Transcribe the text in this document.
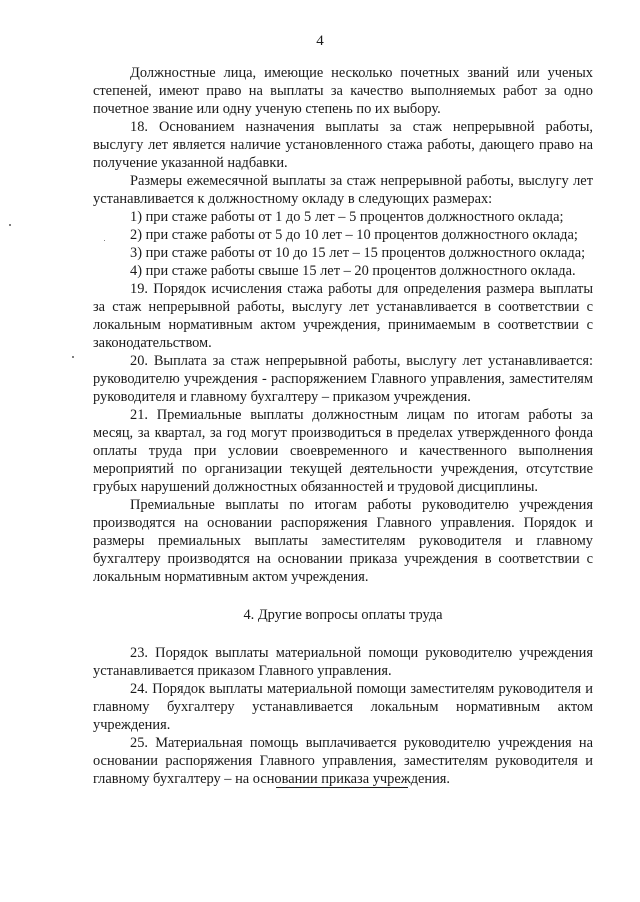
4

Должностные лица, имеющие несколько почетных званий или ученых степеней, имеют право на выплаты за качество выполняемых работ за одно почетное звание или одну ученую степень по их выбору.

18. Основанием назначения выплаты за стаж непрерывной работы, выслугу лет является наличие установленного стажа работы, дающего право на получение указанной надбавки.

Размеры ежемесячной выплаты за стаж непрерывной работы, выслугу лет устанавливается к должностному окладу в следующих размерах:

1) при стаже работы от 1 до 5 лет – 5 процентов должностного оклада;

2) при стаже работы от 5 до 10 лет – 10 процентов должностного оклада;

3) при стаже работы от 10 до 15 лет – 15 процентов должностного оклада;

4) при стаже работы свыше 15 лет – 20 процентов должностного оклада.

19. Порядок исчисления стажа работы для определения размера выплаты за стаж непрерывной работы, выслугу лет устанавливается в соответствии с локальным нормативным актом учреждения, принимаемым в соответствии с законодательством.

20. Выплата за стаж непрерывной работы, выслугу лет устанавливается: руководителю учреждения - распоряжением Главного управления, заместителям руководителя и главному бухгалтеру – приказом учреждения.

21. Премиальные выплаты должностным лицам по итогам работы за месяц, за квартал, за год могут производиться в пределах утвержденного фонда оплаты труда при условии своевременного и качественного выполнения мероприятий по организации текущей деятельности учреждения, отсутствие грубых нарушений должностных обязанностей и трудовой дисциплины.

Премиальные выплаты по итогам работы руководителю учреждения производятся на основании распоряжения Главного управления. Порядок и размеры премиальных выплаты заместителям руководителя и главному бухгалтеру производятся на основании приказа учреждения в соответствии с локальным нормативным актом учреждения.

4. Другие вопросы оплаты труда

23. Порядок выплаты материальной помощи руководителю учреждения устанавливается приказом Главного управления.

24. Порядок выплаты материальной помощи заместителям руководителя и главному бухгалтеру устанавливается локальным нормативным актом учреждения.

25. Материальная помощь выплачивается руководителю учреждения на основании распоряжения Главного управления, заместителям руководителя и главному бухгалтеру – на основании приказа учреждения.
